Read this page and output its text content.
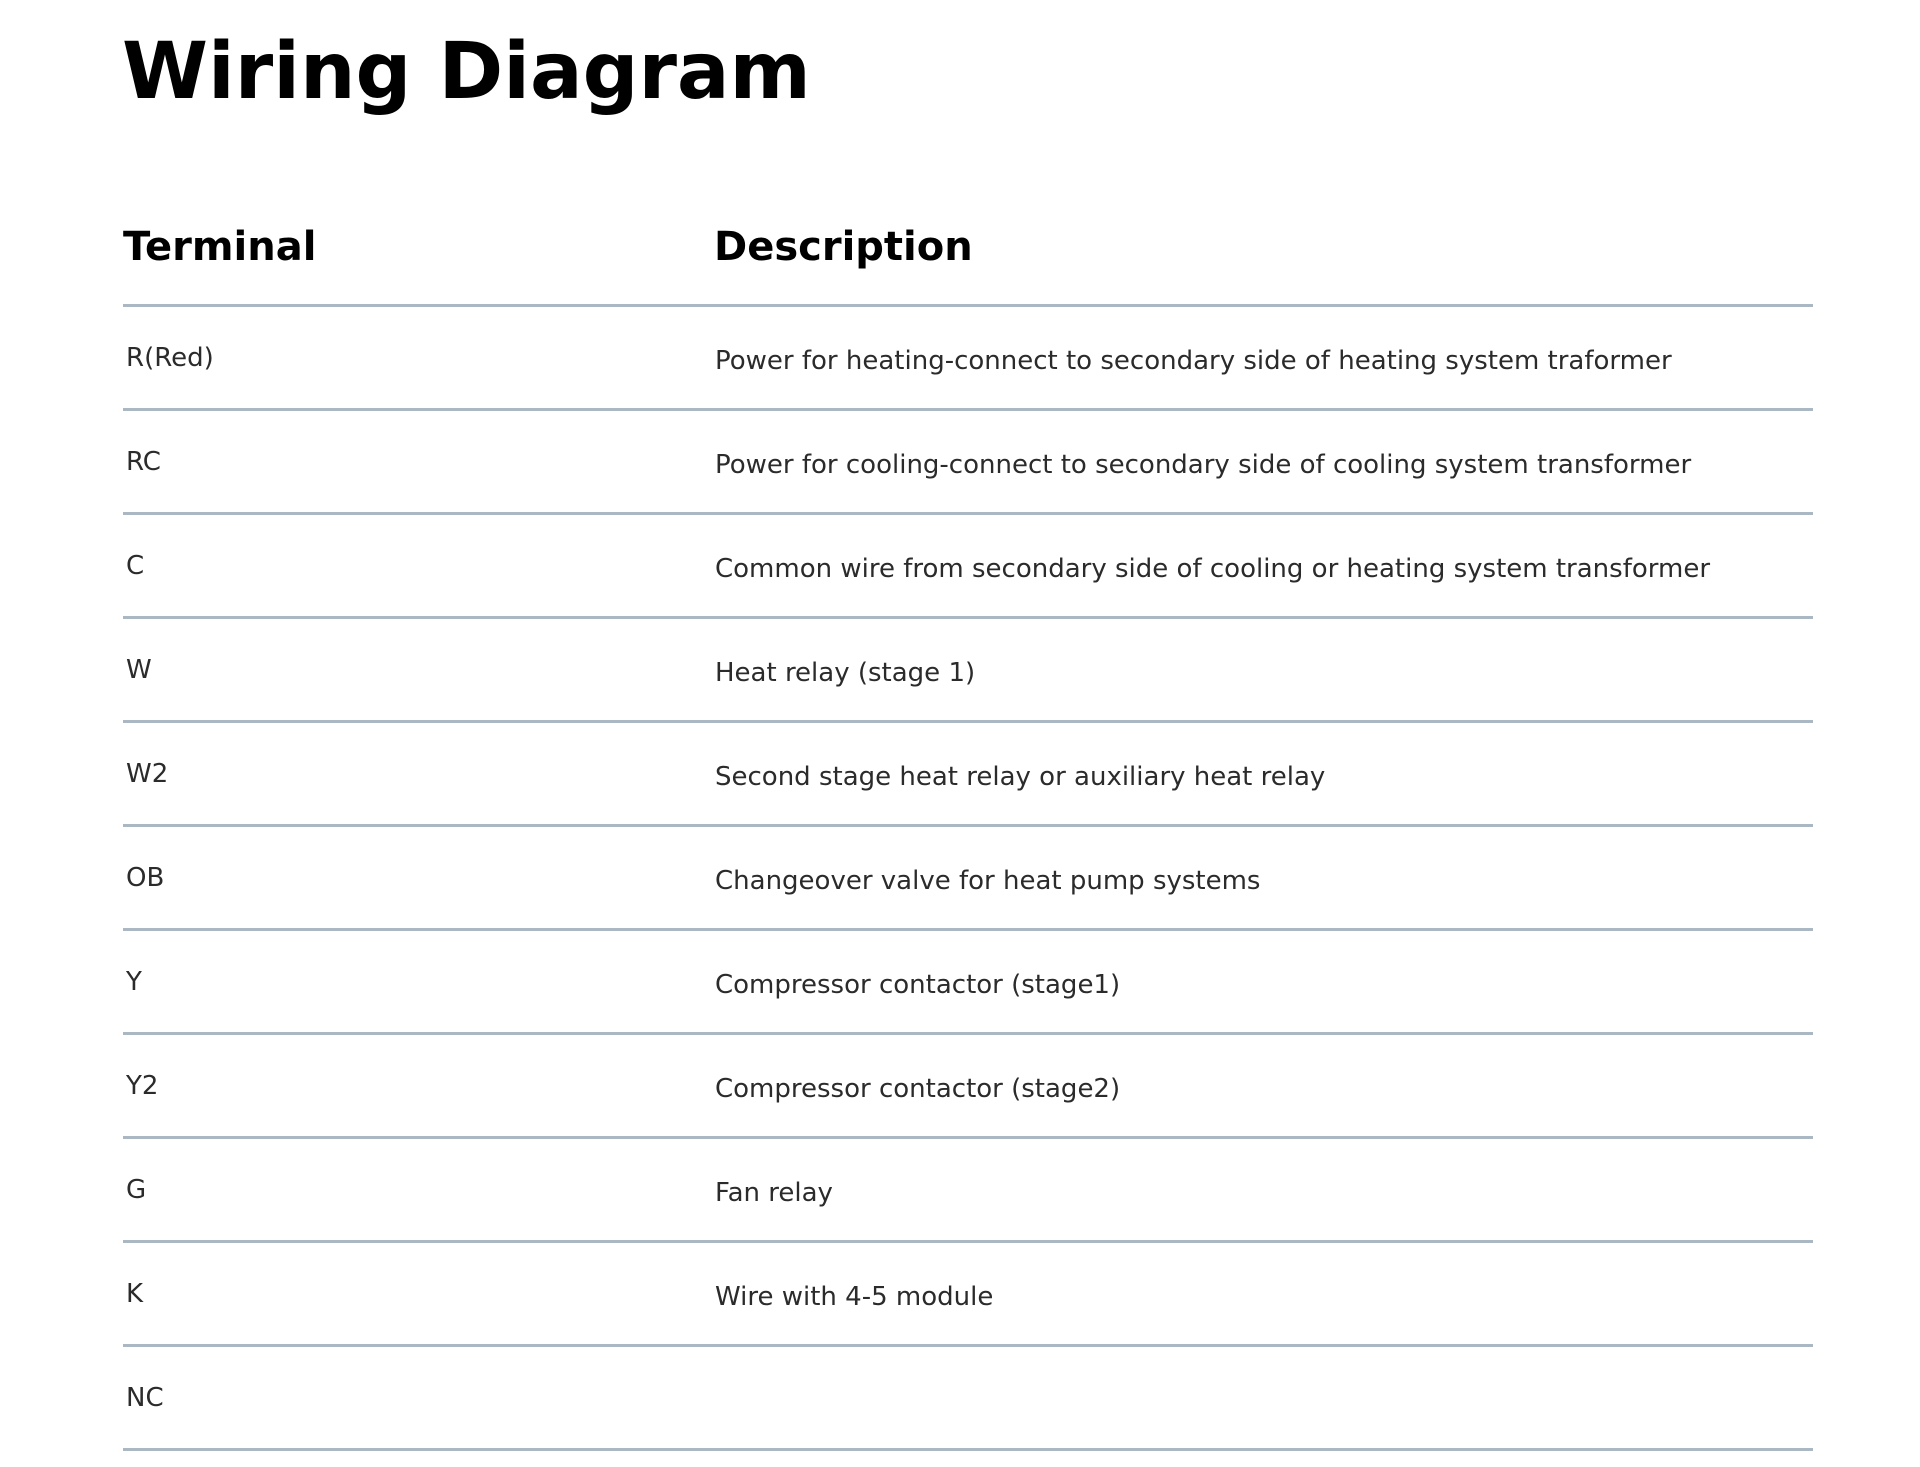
Wiring Diagram
Terminal	Description
R(Red)	Power for heating-connect to secondary side of heating system traformer
RC	Power for cooling-connect to secondary side of cooling system transformer
C	Common wire from secondary side of cooling or heating system transformer
W	Heat relay (stage 1)
W2	Second stage heat relay or auxiliary heat relay
OB	Changeover valve for heat pump systems
Y	Compressor contactor (stage1)
Y2	Compressor contactor (stage2)
G	Fan relay
K	Wire with 4-5 module
NC
